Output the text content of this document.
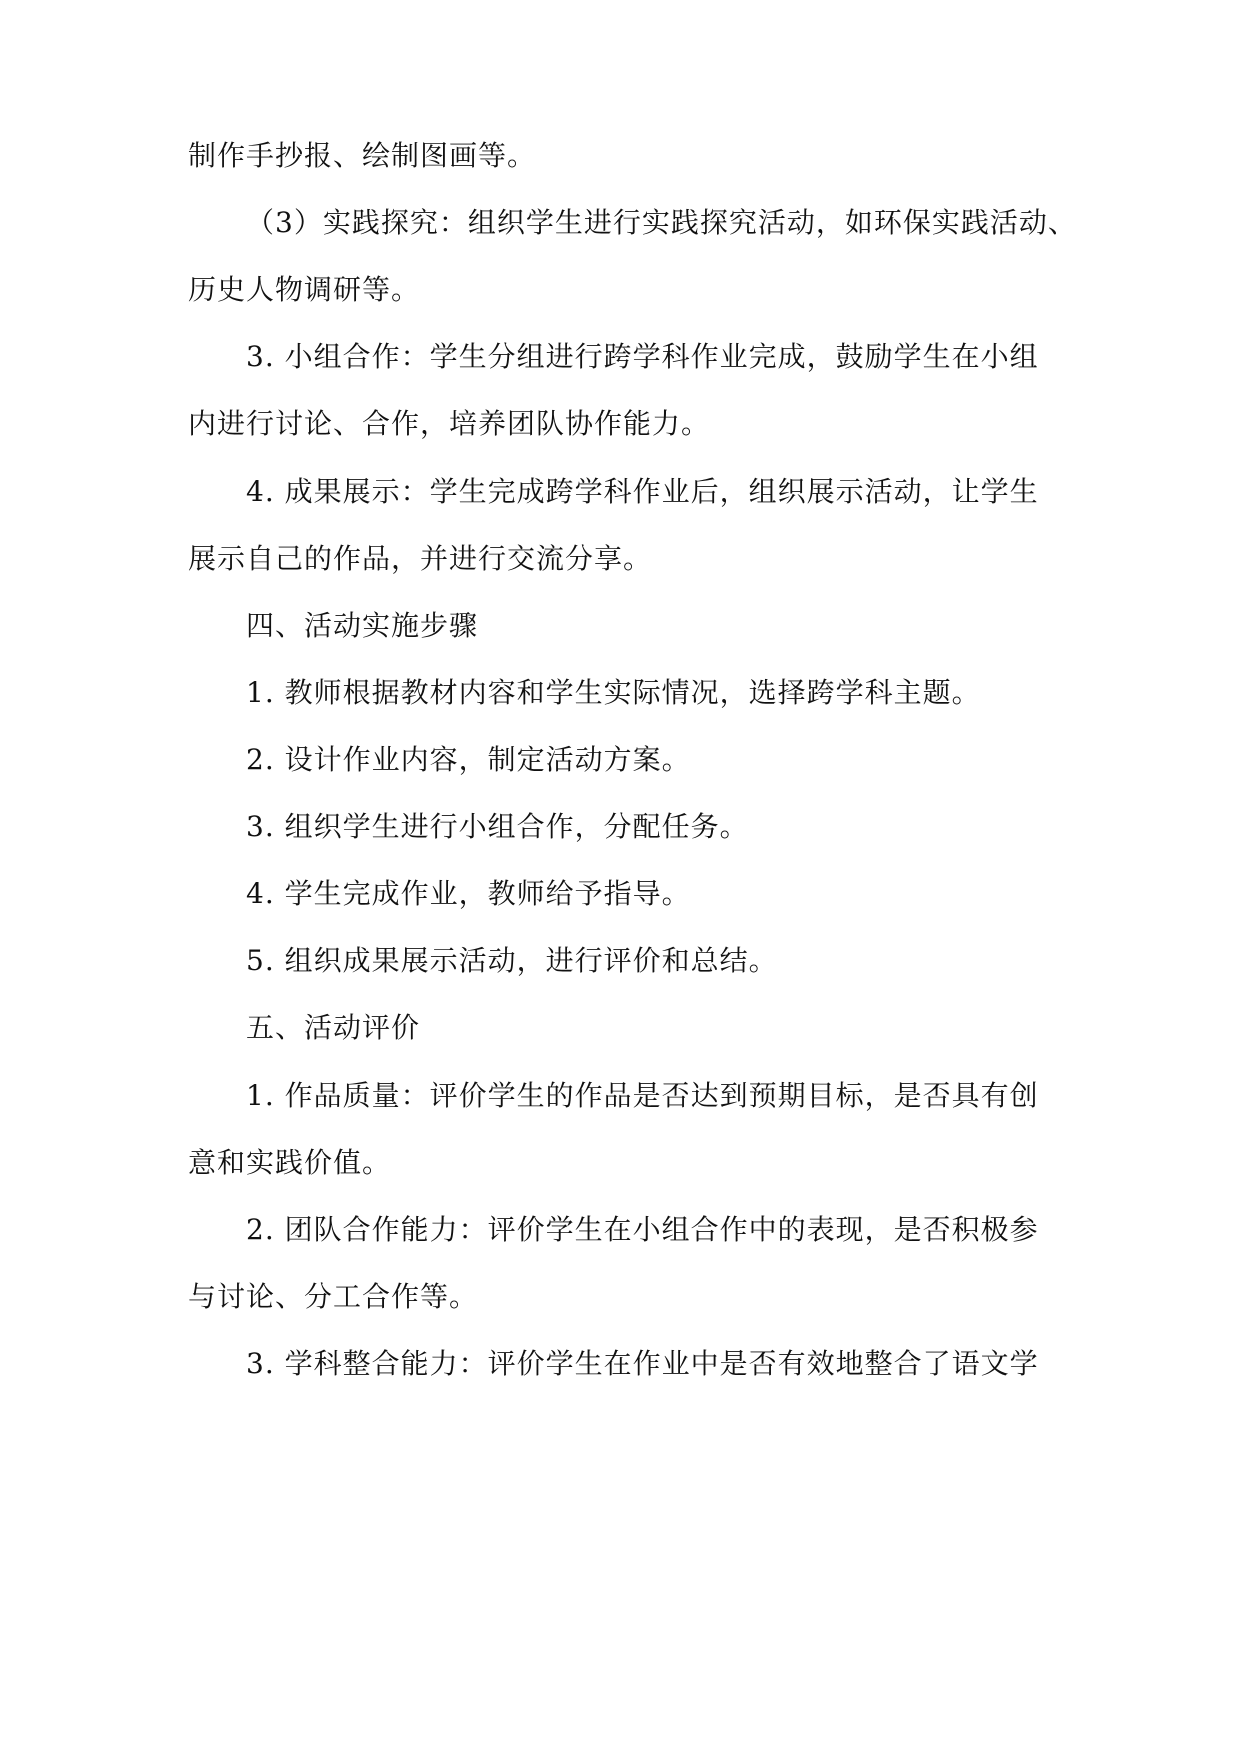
制作手抄报、绘制图画等。
（3）实践探究：组织学生进行实践探究活动，如环保实践活动、
历史人物调研等。
3. 小组合作：学生分组进行跨学科作业完成，鼓励学生在小组
内进行讨论、合作，培养团队协作能力。
4. 成果展示：学生完成跨学科作业后，组织展示活动，让学生
展示自己的作品，并进行交流分享。
四、活动实施步骤
1. 教师根据教材内容和学生实际情况，选择跨学科主题。
2. 设计作业内容，制定活动方案。
3. 组织学生进行小组合作，分配任务。
4. 学生完成作业，教师给予指导。
5. 组织成果展示活动，进行评价和总结。
五、活动评价
1. 作品质量：评价学生的作品是否达到预期目标，是否具有创
意和实践价值。
2. 团队合作能力：评价学生在小组合作中的表现，是否积极参
与讨论、分工合作等。
3. 学科整合能力：评价学生在作业中是否有效地整合了语文学
